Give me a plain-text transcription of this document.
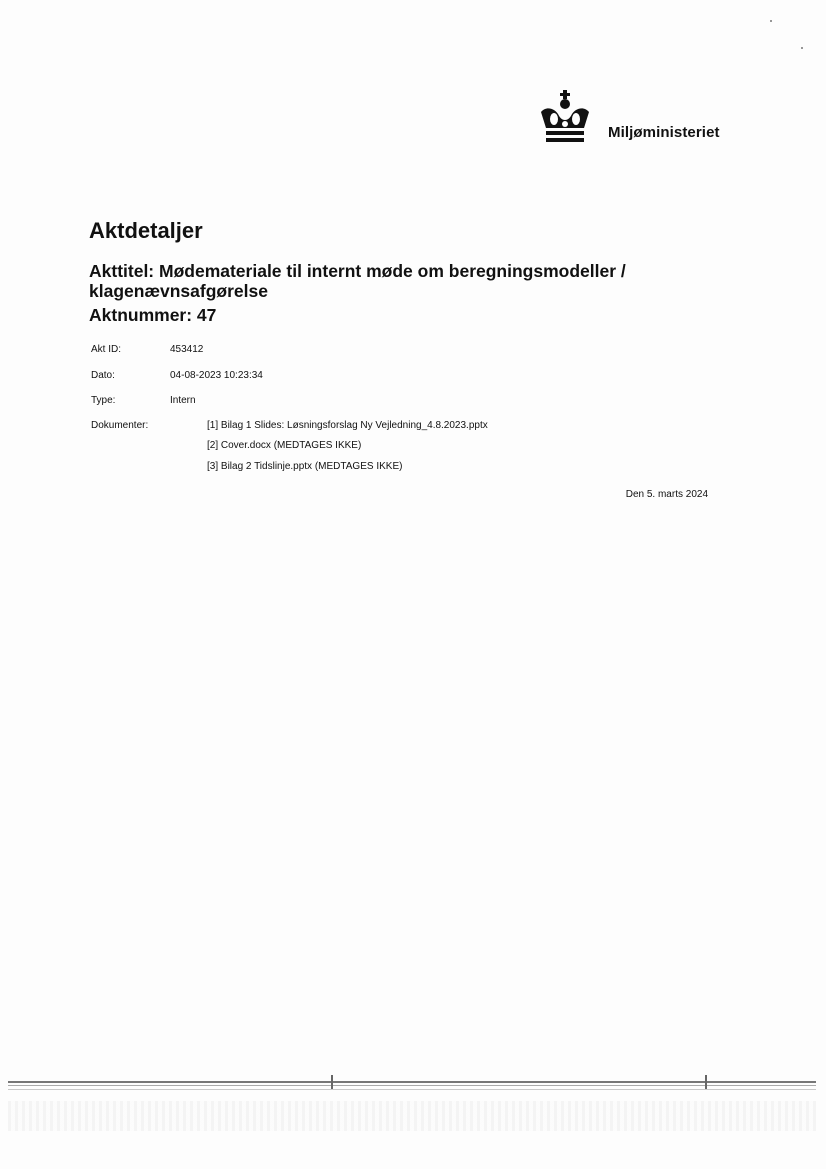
Miljøministeriet
Aktdetaljer
Akttitel: Mødemateriale til internt møde om beregningsmodeller /
klagenævnsafgørelse
Aktnummer: 47
Akt ID:	453412
Dato:	04-08-2023 10:23:34
Type:	Intern
Dokumenter:	[1] Bilag 1 Slides: Løsningsforslag Ny Vejledning_4.8.2023.pptx
[2] Cover.docx (MEDTAGES IKKE)
[3] Bilag 2 Tidslinje.pptx (MEDTAGES IKKE)
Den 5. marts 2024
